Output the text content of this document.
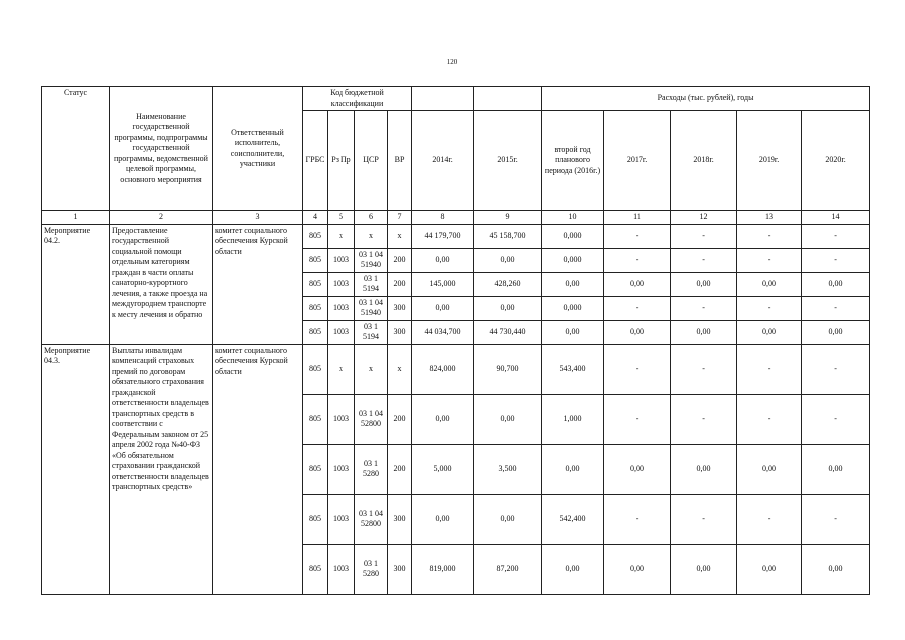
120
Статус	Наименование государственной программы, подпрограммы государственной программы, ведомственной целевой программы, основного мероприятия	Ответственный исполнитель, соисполнители, участники	Код бюджетной классификации						Расходы (тыс. рублей), годы				
			ГРБС	Рз Пр	ЦСР	ВР	2014г.	2015г.	второй год планового периода (2016г.)	2017г.	2018г.	2019г.	2020г.
1	2	3	4	5	6	7	8	9	10	11	12	13	14
Мероприятие 04.2.	Предоставление государственной социальной помощи отдельным категориям граждан в части оплаты санаторно-курортного лечения, а также проезда на междугороднем транспорте к месту лечения и обратно	комитет социального обеспечения Курской области	805	x	x	x	44 179,700	45 158,700	0,000	-	-	-	-
			805	1003	03 1 04 51940	200	0,00	0,00	0,000	-	-	-	-
			805	1003	03 1 5194	200	145,000	428,260	0,00	0,00	0,00	0,00	0,00
			805	1003	03 1 04 51940	300	0,00	0,00	0,000	-	-	-	-
			805	1003	03 1 5194	300	44 034,700	44 730,440	0,00	0,00	0,00	0,00	0,00
Мероприятие 04.3.	Выплаты инвалидам компенсаций страховых премий по договорам обязательного страхования гражданской ответственности владельцев транспортных средств в соответствии с Федеральным законом от 25 апреля 2002 года №40-ФЗ «Об обязательном страховании гражданской ответственности владельцев транспортных средств»	комитет социального обеспечения Курской области	805	x	x	x	824,000	90,700	543,400	-	-	-	-
			805	1003	03 1 04 52800	200	0,00	0,00	1,000	-	-	-	-
			805	1003	03 1 5280	200	5,000	3,500	0,00	0,00	0,00	0,00	0,00
			805	1003	03 1 04 52800	300	0,00	0,00	542,400	-	-	-	-
			805	1003	03 1 5280	300	819,000	87,200	0,00	0,00	0,00	0,00	0,00
